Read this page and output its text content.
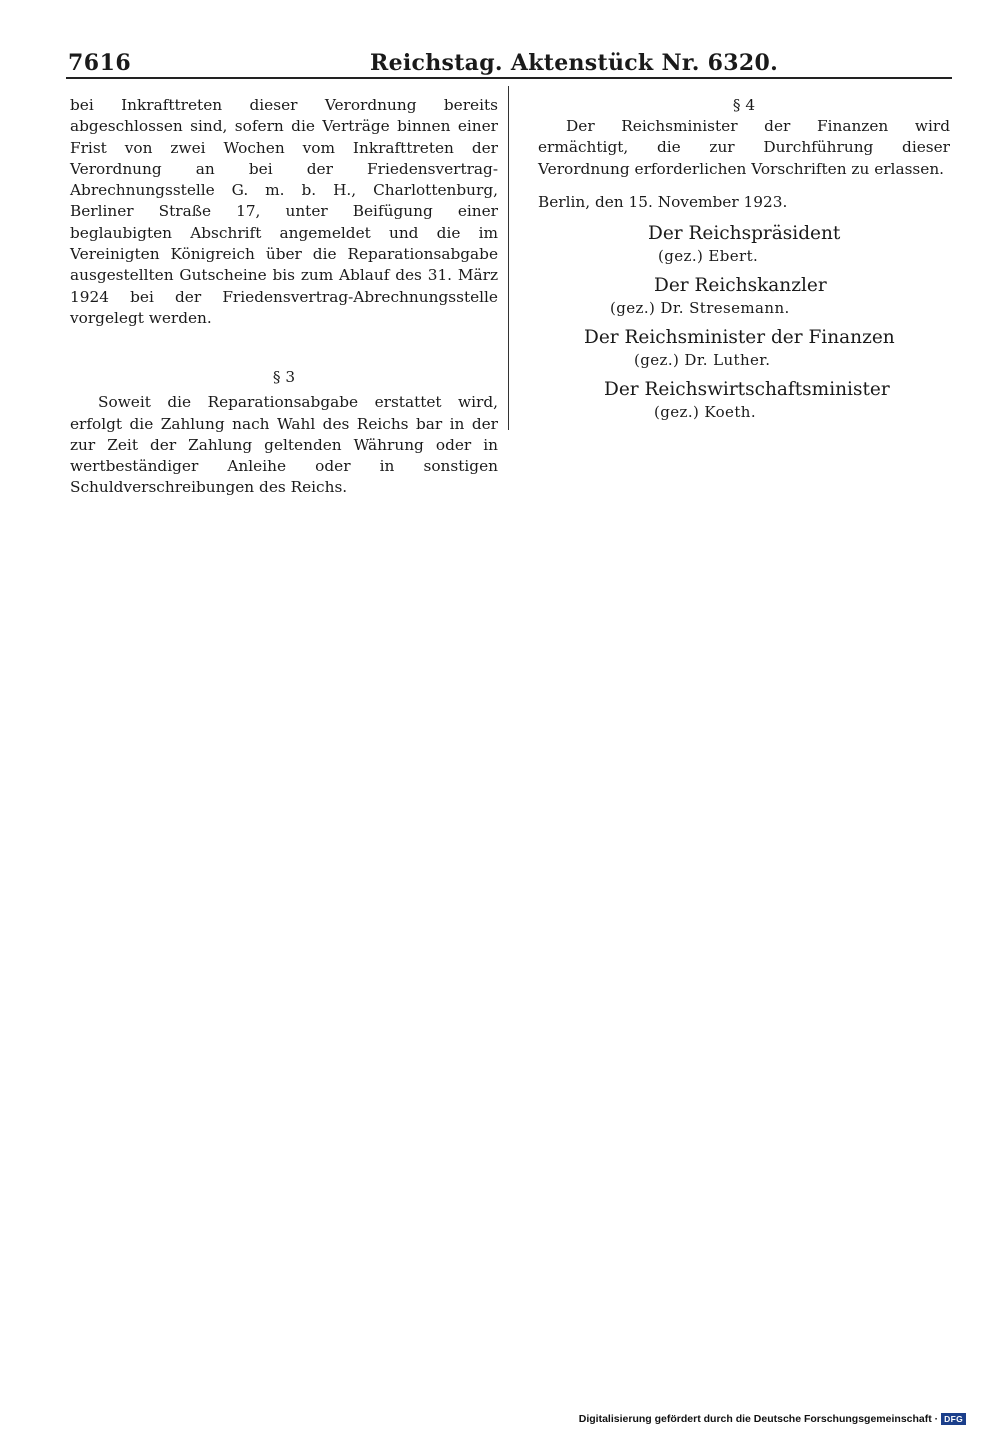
7616	Reichstag. Aktenstück Nr. 6320.

bei Inkrafttreten dieser Verordnung bereits abgeschlossen sind, sofern die Verträge binnen einer Frist von zwei Wochen vom Inkrafttreten der Verordnung an bei der Friedensvertrag-Abrechnungsstelle G. m. b. H., Charlottenburg, Berliner Straße 17, unter Beifügung einer beglaubigten Abschrift angemeldet und die im Vereinigten Königreich über die Reparationsabgabe ausgestellten Gutscheine bis zum Ablauf des 31. März 1924 bei der Friedensvertrag-Abrechnungsstelle vorgelegt werden.

§ 3

Soweit die Reparationsabgabe erstattet wird, erfolgt die Zahlung nach Wahl des Reichs bar in der zur Zeit der Zahlung geltenden Währung oder in wertbeständiger Anleihe oder in sonstigen Schuldverschreibungen des Reichs.

§ 4

Der Reichsminister der Finanzen wird ermächtigt, die zur Durchführung dieser Verordnung erforderlichen Vorschriften zu erlassen.

Berlin, den 15. November 1923.

Der Reichspräsident

(gez.) Ebert.

Der Reichskanzler

(gez.) Dr. Stresemann.

Der Reichsminister der Finanzen

(gez.) Dr. Luther.

Der Reichswirtschaftsminister

(gez.) Koeth.

Digitalisierung gefördert durch die Deutsche Forschungsgemeinschaft · DFG
